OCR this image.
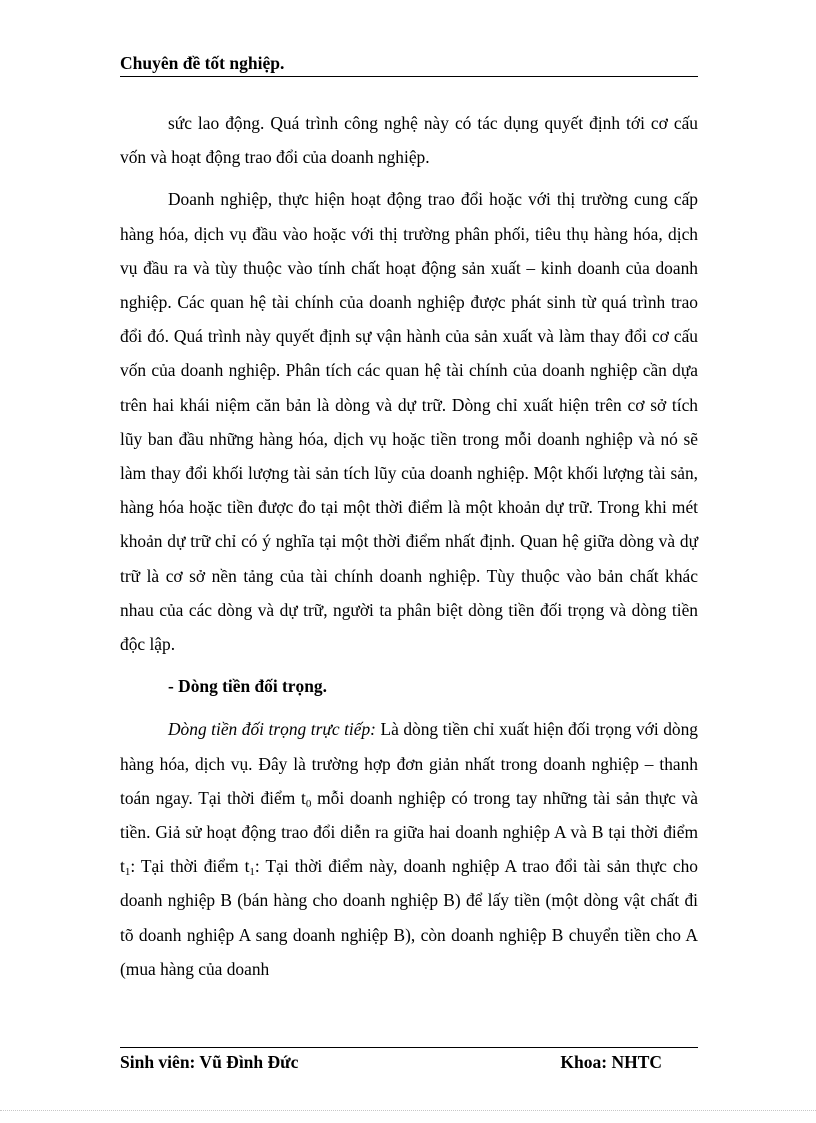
Chuyên đề tốt nghiệp.

sức lao động. Quá trình công nghệ này có tác dụng quyết định tới cơ cấu vốn và hoạt động trao đổi của doanh nghiệp.

Doanh nghiệp, thực hiện hoạt động trao đổi hoặc với thị trường cung cấp hàng hóa, dịch vụ đầu vào hoặc với thị trường phân phối, tiêu thụ hàng hóa, dịch vụ đầu ra và tùy thuộc vào tính chất hoạt động sản xuất – kinh doanh của doanh nghiệp. Các quan hệ tài chính của doanh nghiệp được phát sinh từ quá trình trao đổi đó. Quá trình này quyết định sự vận hành của sản xuất và làm thay đổi cơ cấu vốn của doanh nghiệp. Phân tích các quan hệ tài chính của doanh nghiệp cần dựa trên hai khái niệm căn bản là dòng và dự trữ. Dòng chỉ xuất hiện trên cơ sở tích lũy ban đầu những hàng hóa, dịch vụ hoặc tiền trong mỗi doanh nghiệp và nó sẽ làm thay đổi khối lượng tài sản tích lũy của doanh nghiệp. Một khối lượng tài sản, hàng hóa hoặc tiền được đo tại một thời điểm là một khoản dự trữ. Trong khi mét khoản dự trữ chỉ có ý nghĩa tại một thời điểm nhất định. Quan hệ giữa dòng và dự trữ là cơ sở nền tảng của tài chính doanh nghiệp. Tùy thuộc vào bản chất khác nhau của các dòng và dự trữ, người ta phân biệt dòng tiền đối trọng và dòng tiền độc lập.

- Dòng tiền đối trọng.

Dòng tiền đối trọng trực tiếp: Là dòng tiền chỉ xuất hiện đối trọng với dòng hàng hóa, dịch vụ. Đây là trường hợp đơn giản nhất trong doanh nghiệp – thanh toán ngay. Tại thời điểm $t_0$ mỗi doanh nghiệp có trong tay những tài sản thực và tiền. Giả sử hoạt động trao đổi diễn ra giữa hai doanh nghiệp A và B tại thời điểm $t_1$: Tại thời điểm $t_1$: Tại thời điểm này, doanh nghiệp A trao đổi tài sản thực cho doanh nghiệp B (bán hàng cho doanh nghiệp B) để lấy tiền (một dòng vật chất đi tõ doanh nghiệp A sang doanh nghiệp B), còn doanh nghiệp B chuyển tiền cho A (mua hàng của doanh

Sinh viên: Vũ Đình Đức	Khoa: NHTC
